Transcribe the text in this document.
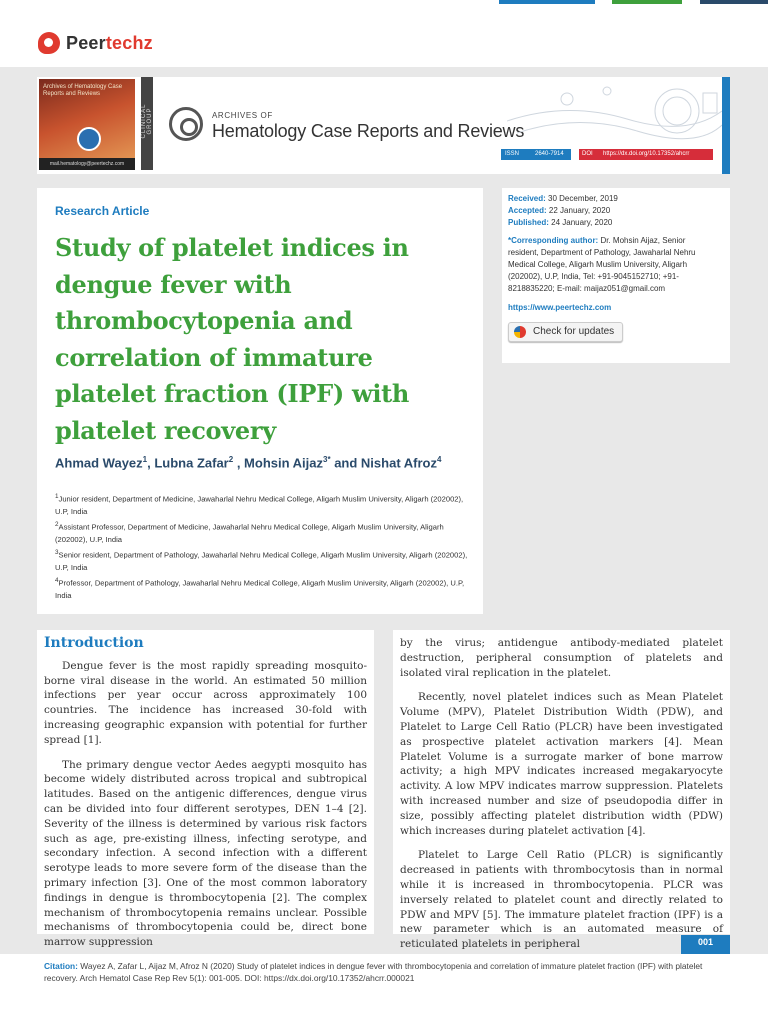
Peertechz
Archives of Hematology Case Reports and Reviews
mail.hematology@peertechz.com
CLINICAL GROUP	ARCHIVES OF
Hematology Case Reports and Reviews
ISSN	2640-7914	DOI	https://dx.doi.org/10.17352/ahcrr
Research Article
Study of platelet indices in dengue fever with thrombocytopenia and correlation of immature platelet fraction (IPF) with platelet recovery
Ahmad Wayez$^1$, Lubna Zafar$^2$ , Mohsin Aijaz$^{3*}$ and Nishat Afroz$^4$
$^1$Junior resident, Department of Medicine, Jawaharlal Nehru Medical College, Aligarh Muslim University, Aligarh (202002), U.P, India
$^2$Assistant Professor, Department of Medicine, Jawaharlal Nehru Medical College, Aligarh Muslim University, Aligarh (202002), U.P, India
$^3$Senior resident, Department of Pathology, Jawaharlal Nehru Medical College, Aligarh Muslim University, Aligarh (202002), U.P, India
$^4$Professor, Department of Pathology, Jawaharlal Nehru Medical College, Aligarh Muslim University, Aligarh (202002), U.P, India
Received: 30 December, 2019
Accepted: 22 January, 2020
Published: 24 January, 2020
*Corresponding author: Dr. Mohsin Aijaz, Senior resident, Department of Pathology, Jawaharlal Nehru Medical College, Aligarh Muslim University, Aligarh (202002), U.P, India, Tel: +91-9045152710; +91-8218835220; E-mail: maijaz051@gmail.com
https://www.peertechz.com
Check for updates
Introduction

Dengue fever is the most rapidly spreading mosquito-borne viral disease in the world. An estimated 50 million infections per year occur across approximately 100 countries. The incidence has increased 30-fold with increasing geographic expansion with potential for further spread [1].

The primary dengue vector Aedes aegypti mosquito has become widely distributed across tropical and subtropical latitudes. Based on the antigenic differences, dengue virus can be divided into four different serotypes, DEN 1–4 [2]. Severity of the illness is determined by various risk factors such as age, pre-existing illness, infecting serotype, and secondary infection. A second infection with a different serotype leads to more severe form of the disease than the primary infection [3]. One of the most common laboratory findings in dengue is thrombocytopenia [2]. The complex mechanism of thrombocytopenia remains unclear. Possible mechanisms of thrombocytopenia could be, direct bone marrow suppression

by the virus; antidengue antibody-mediated platelet destruction, peripheral consumption of platelets and isolated viral replication in the platelet.

Recently, novel platelet indices such as Mean Platelet Volume (MPV), Platelet Distribution Width (PDW), and Platelet to Large Cell Ratio (PLCR) have been investigated as prospective platelet activation markers [4]. Mean Platelet Volume is a surrogate marker of bone marrow activity; a high MPV indicates increased megakaryocyte activity. A low MPV indicates marrow suppression. Platelets with increased number and size of pseudopodia differ in size, possibly affecting platelet distribution width (PDW) which increases during platelet activation [4].

Platelet to Large Cell Ratio (PLCR) is significantly decreased in patients with thrombocytosis than in normal while it is increased in thrombocytopenia. PLCR was inversely related to platelet count and directly related to PDW and MPV [5]. The immature platelet fraction (IPF) is a new parameter which is an automated measure of reticulated platelets in peripheral	001
Citation: Wayez A, Zafar L, Aijaz M, Afroz N (2020) Study of platelet indices in dengue fever with thrombocytopenia and correlation of immature platelet fraction (IPF) with platelet recovery. Arch Hematol Case Rep Rev 5(1): 001-005. DOI: https://dx.doi.org/10.17352/ahcrr.000021
